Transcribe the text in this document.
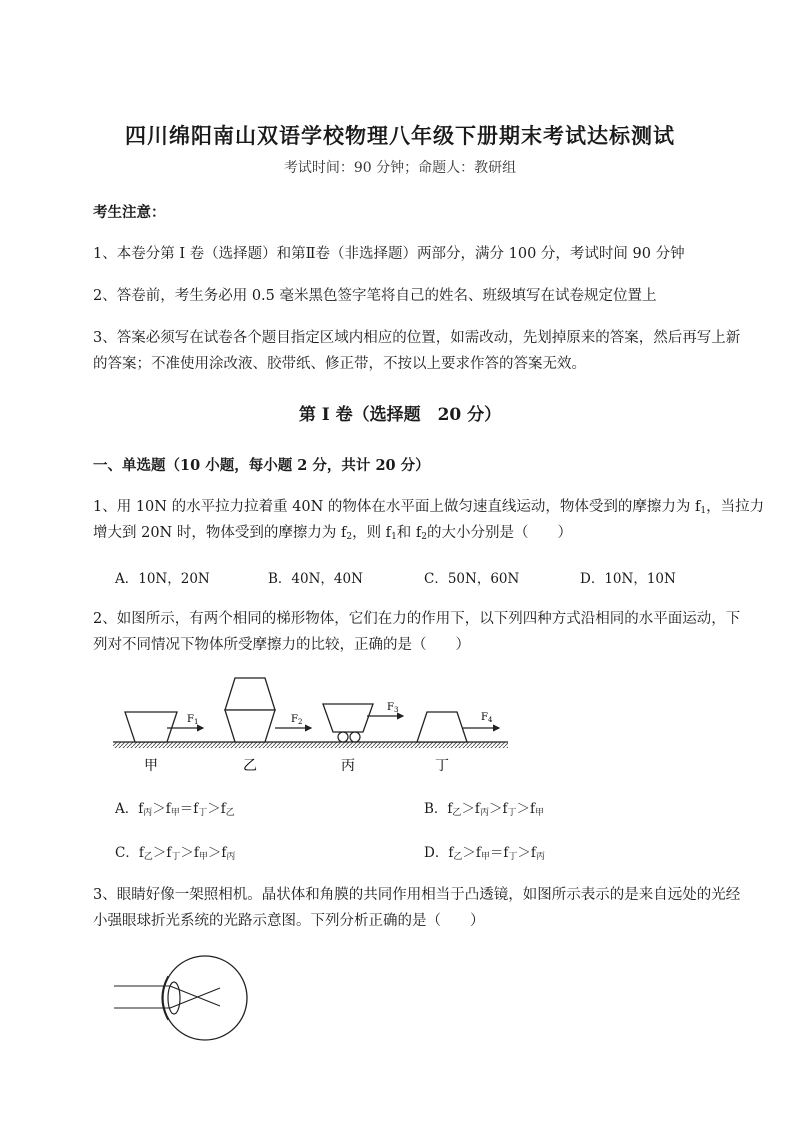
四川绵阳南山双语学校物理八年级下册期末考试达标测试
考试时间：90 分钟；命题人：教研组
考生注意：
1、本卷分第 I 卷（选择题）和第Ⅱ卷（非选择题）两部分，满分 100 分，考试时间 90 分钟
2、答卷前，考生务必用 0.5 毫米黑色签字笔将自己的姓名、班级填写在试卷规定位置上
3、答案必须写在试卷各个题目指定区域内相应的位置，如需改动，先划掉原来的答案，然后再写上新
的答案；不准使用涂改液、胶带纸、修正带，不按以上要求作答的答案无效。
第 I 卷（选择题　20 分）
一、单选题（10 小题，每小题 2 分，共计 20 分）
1、用 10N 的水平拉力拉着重 40N 的物体在水平面上做匀速直线运动，物体受到的摩擦力为 $f_1$，当拉力
增大到 20N 时，物体受到的摩擦力为 $f_2$，则 $f_1$和 $f_2$的大小分别是（　　）
A．10N，20N	B．40N，40N	C．50N，60N	D．10N，10N
2、如图所示，有两个相同的梯形物体，它们在力的作用下，以下列四种方式沿相同的水平面运动，下
列对不同情况下物体所受摩擦力的比较，正确的是（　　）
$F_1$	$F_2$
$F_3$
$F_4$
甲	乙	丙	丁
A．$f_丙>f_甲=f_丁>f_乙$	B．$f_乙>f_丙>f_丁>f_甲$
C．$f_乙>f_丁>f_甲>f_丙$	D．$f_乙>f_甲=f_丁>f_丙$
3、眼睛好像一架照相机。晶状体和角膜的共同作用相当于凸透镜，如图所示表示的是来自远处的光经
小强眼球折光系统的光路示意图。下列分析正确的是（　　）
